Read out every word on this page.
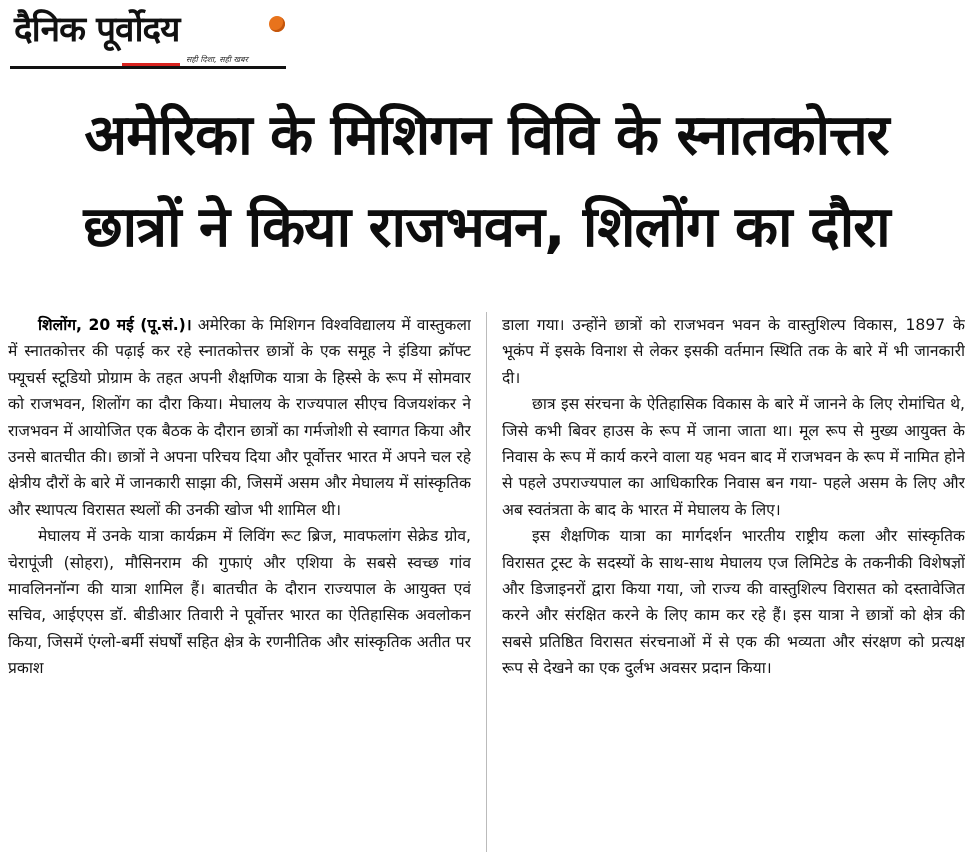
दैनिक पूर्वोदय
सही दिशा, सही खबर
अमेरिका के मिशिगन विवि के स्नातकोत्तर
छात्रों ने किया राजभवन, शिलोंग का दौरा

शिलोंग, 20 मई (पू.सं.)। अमेरिका के मिशिगन विश्वविद्यालय में वास्तुकला में स्नातकोत्तर की पढ़ाई कर रहे स्नातकोत्तर छात्रों के एक समूह ने इंडिया क्रॉफ्ट फ्यूचर्स स्टूडियो प्रोग्राम के तहत अपनी शैक्षणिक यात्रा के हिस्से के रूप में सोमवार को राजभवन, शिलोंग का दौरा किया। मेघालय के राज्यपाल सीएच विजयशंकर ने राजभवन में आयोजित एक बैठक के दौरान छात्रों का गर्मजोशी से स्वागत किया और उनसे बातचीत की। छात्रों ने अपना परिचय दिया और पूर्वोत्तर भारत में अपने चल रहे क्षेत्रीय दौरों के बारे में जानकारी साझा की, जिसमें असम और मेघालय में सांस्कृतिक और स्थापत्य विरासत स्थलों की उनकी खोज भी शामिल थी।

मेघालय में उनके यात्रा कार्यक्रम में लिविंग रूट ब्रिज, मावफलांग सेक्रेड ग्रोव, चेरापूंजी (सोहरा), मौसिनराम की गुफाएं और एशिया के सबसे स्वच्छ गांव मावलिननॉन्ग की यात्रा शामिल हैं। बातचीत के दौरान राज्यपाल के आयुक्त एवं सचिव, आईएएस डॉ. बीडीआर तिवारी ने पूर्वोत्तर भारत का ऐतिहासिक अवलोकन किया, जिसमें एंग्लो-बर्मी संघर्षों सहित क्षेत्र के रणनीतिक और सांस्कृतिक अतीत पर प्रकाश

डाला गया। उन्होंने छात्रों को राजभवन भवन के वास्तुशिल्प विकास, 1897 के भूकंप में इसके विनाश से लेकर इसकी वर्तमान स्थिति तक के बारे में भी जानकारी दी।

छात्र इस संरचना के ऐतिहासिक विकास के बारे में जानने के लिए रोमांचित थे, जिसे कभी बिवर हाउस के रूप में जाना जाता था। मूल रूप से मुख्य आयुक्त के निवास के रूप में कार्य करने वाला यह भवन बाद में राजभवन के रूप में नामित होने से पहले उपराज्यपाल का आधिकारिक निवास बन गया- पहले असम के लिए और अब स्वतंत्रता के बाद के भारत में मेघालय के लिए।

इस शैक्षणिक यात्रा का मार्गदर्शन भारतीय राष्ट्रीय कला और सांस्कृतिक विरासत ट्रस्ट के सदस्यों के साथ-साथ मेघालय एज लिमिटेड के तकनीकी विशेषज्ञों और डिजाइनरों द्वारा किया गया, जो राज्य की वास्तुशिल्प विरासत को दस्तावेजित करने और संरक्षित करने के लिए काम कर रहे हैं। इस यात्रा ने छात्रों को क्षेत्र की सबसे प्रतिष्ठित विरासत संरचनाओं में से एक की भव्यता और संरक्षण को प्रत्यक्ष रूप से देखने का एक दुर्लभ अवसर प्रदान किया।
